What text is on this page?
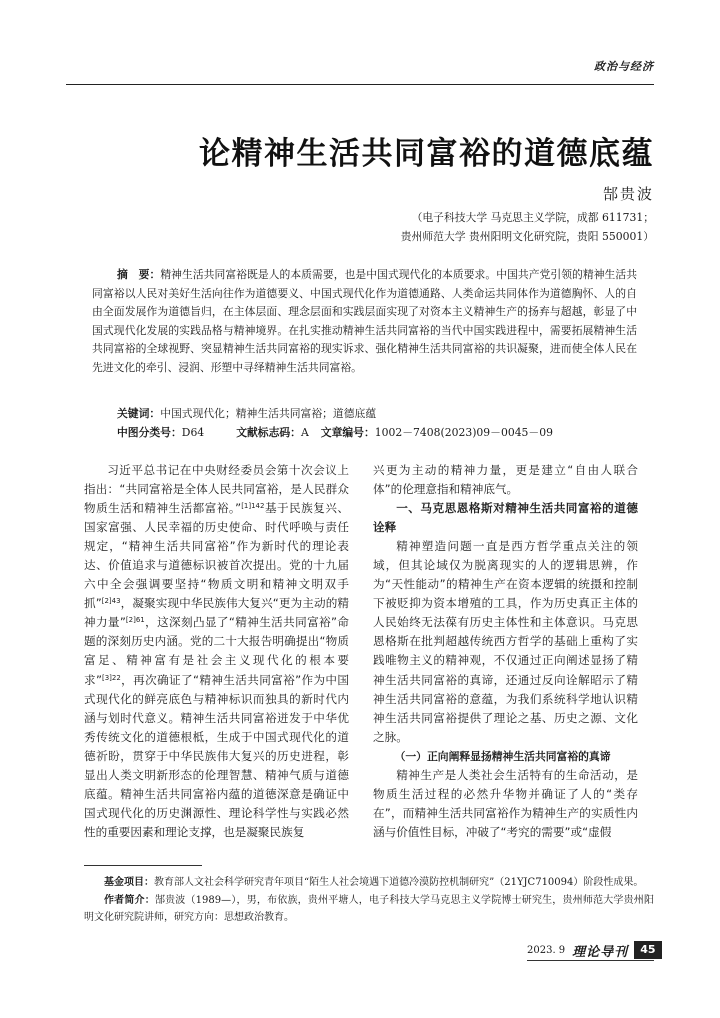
政治与经济
论精神生活共同富裕的道德底蕴
郜贵波
（电子科技大学 马克思主义学院，成都 611731；
贵州师范大学 贵州阳明文化研究院，贵阳 550001）
摘　要：精神生活共同富裕既是人的本质需要，也是中国式现代化的本质要求。中国共产党引领的精神生活共同富裕以人民对美好生活向往作为道德要义、中国式现代化作为道德通路、人类命运共同体作为道德胸怀、人的自由全面发展作为道德旨归，在主体层面、理念层面和实践层面实现了对资本主义精神生产的扬弃与超越，彰显了中国式现代化发展的实践品格与精神境界。在扎实推动精神生活共同富裕的当代中国实践进程中，需要拓展精神生活共同富裕的全球视野、突显精神生活共同富裕的现实诉求、强化精神生活共同富裕的共识凝聚，进而使全体人民在先进文化的牵引、浸润、形塑中寻绎精神生活共同富裕。
关键词：中国式现代化；精神生活共同富裕；道德底蕴
中图分类号：D64	文献标志码：A 文章编号：1002－7408(2023)09－0045－09

习近平总书记在中央财经委员会第十次会议上指出：“共同富裕是全体人民共同富裕，是人民群众物质生活和精神生活都富裕。”$^{[1]142}$基于民族复兴、国家富强、人民幸福的历史使命、时代呼唤与责任规定，“精神生活共同富裕”作为新时代的理论表达、价值追求与道德标识被首次提出。党的十九届六中全会强调要坚持“物质文明和精神文明双手抓”$^{[2]43}$，凝聚实现中华民族伟大复兴“更为主动的精神力量”$^{[2]61}$，这深刻凸显了“精神生活共同富裕”命题的深刻历史内涵。党的二十大报告明确提出“物质富足、精神富有是社会主义现代化的根本要求”$^{[3]22}$，再次确证了“精神生活共同富裕”作为中国式现代化的鲜亮底色与精神标识而独具的新时代内涵与划时代意义。精神生活共同富裕迸发于中华优秀传统文化的道德根柢，生成于中国式现代化的道德祈盼，贯穿于中华民族伟大复兴的历史进程，彰显出人类文明新形态的伦理智慧、精神气质与道德底蕴。精神生活共同富裕内蕴的道德深意是确证中国式现代化的历史渊源性、理论科学性与实践必然性的重要因素和理论支撑，也是凝聚民族复

兴更为主动的精神力量，更是建立“自由人联合体”的伦理意指和精神底气。

一、马克思恩格斯对精神生活共同富裕的道德诠释

精神塑造问题一直是西方哲学重点关注的领域，但其论域仅为脱离现实的人的逻辑思辨，作为“天性能动”的精神生产在资本逻辑的统摄和控制下被贬抑为资本增殖的工具，作为历史真正主体的人民始终无法葆有历史主体性和主体意识。马克思恩格斯在批判超越传统西方哲学的基础上重构了实践唯物主义的精神观，不仅通过正向阐述显扬了精神生活共同富裕的真谛，还通过反向诠解昭示了精神生活共同富裕的意蕴，为我们系统科学地认识精神生活共同富裕提供了理论之基、历史之源、文化之脉。

（一）正向阐释显扬精神生活共同富裕的真谛

精神生产是人类社会生活特有的生命活动，是物质生活过程的必然升华物并确证了人的“类存在”，而精神生活共同富裕作为精神生产的实质性内涵与价值性目标，冲破了“考究的需要”或“虚假

基金项目：教育部人文社会科学研究青年项目“陌生人社会境遇下道德冷漠防控机制研究”（21YJC710094）阶段性成果。
作者简介：郜贵波（1989—），男，布依族，贵州平塘人，电子科技大学马克思主义学院博士研究生，贵州师范大学贵州阳明文化研究院讲师，研究方向：思想政治教育。
2023. 9 理论导刊	45
